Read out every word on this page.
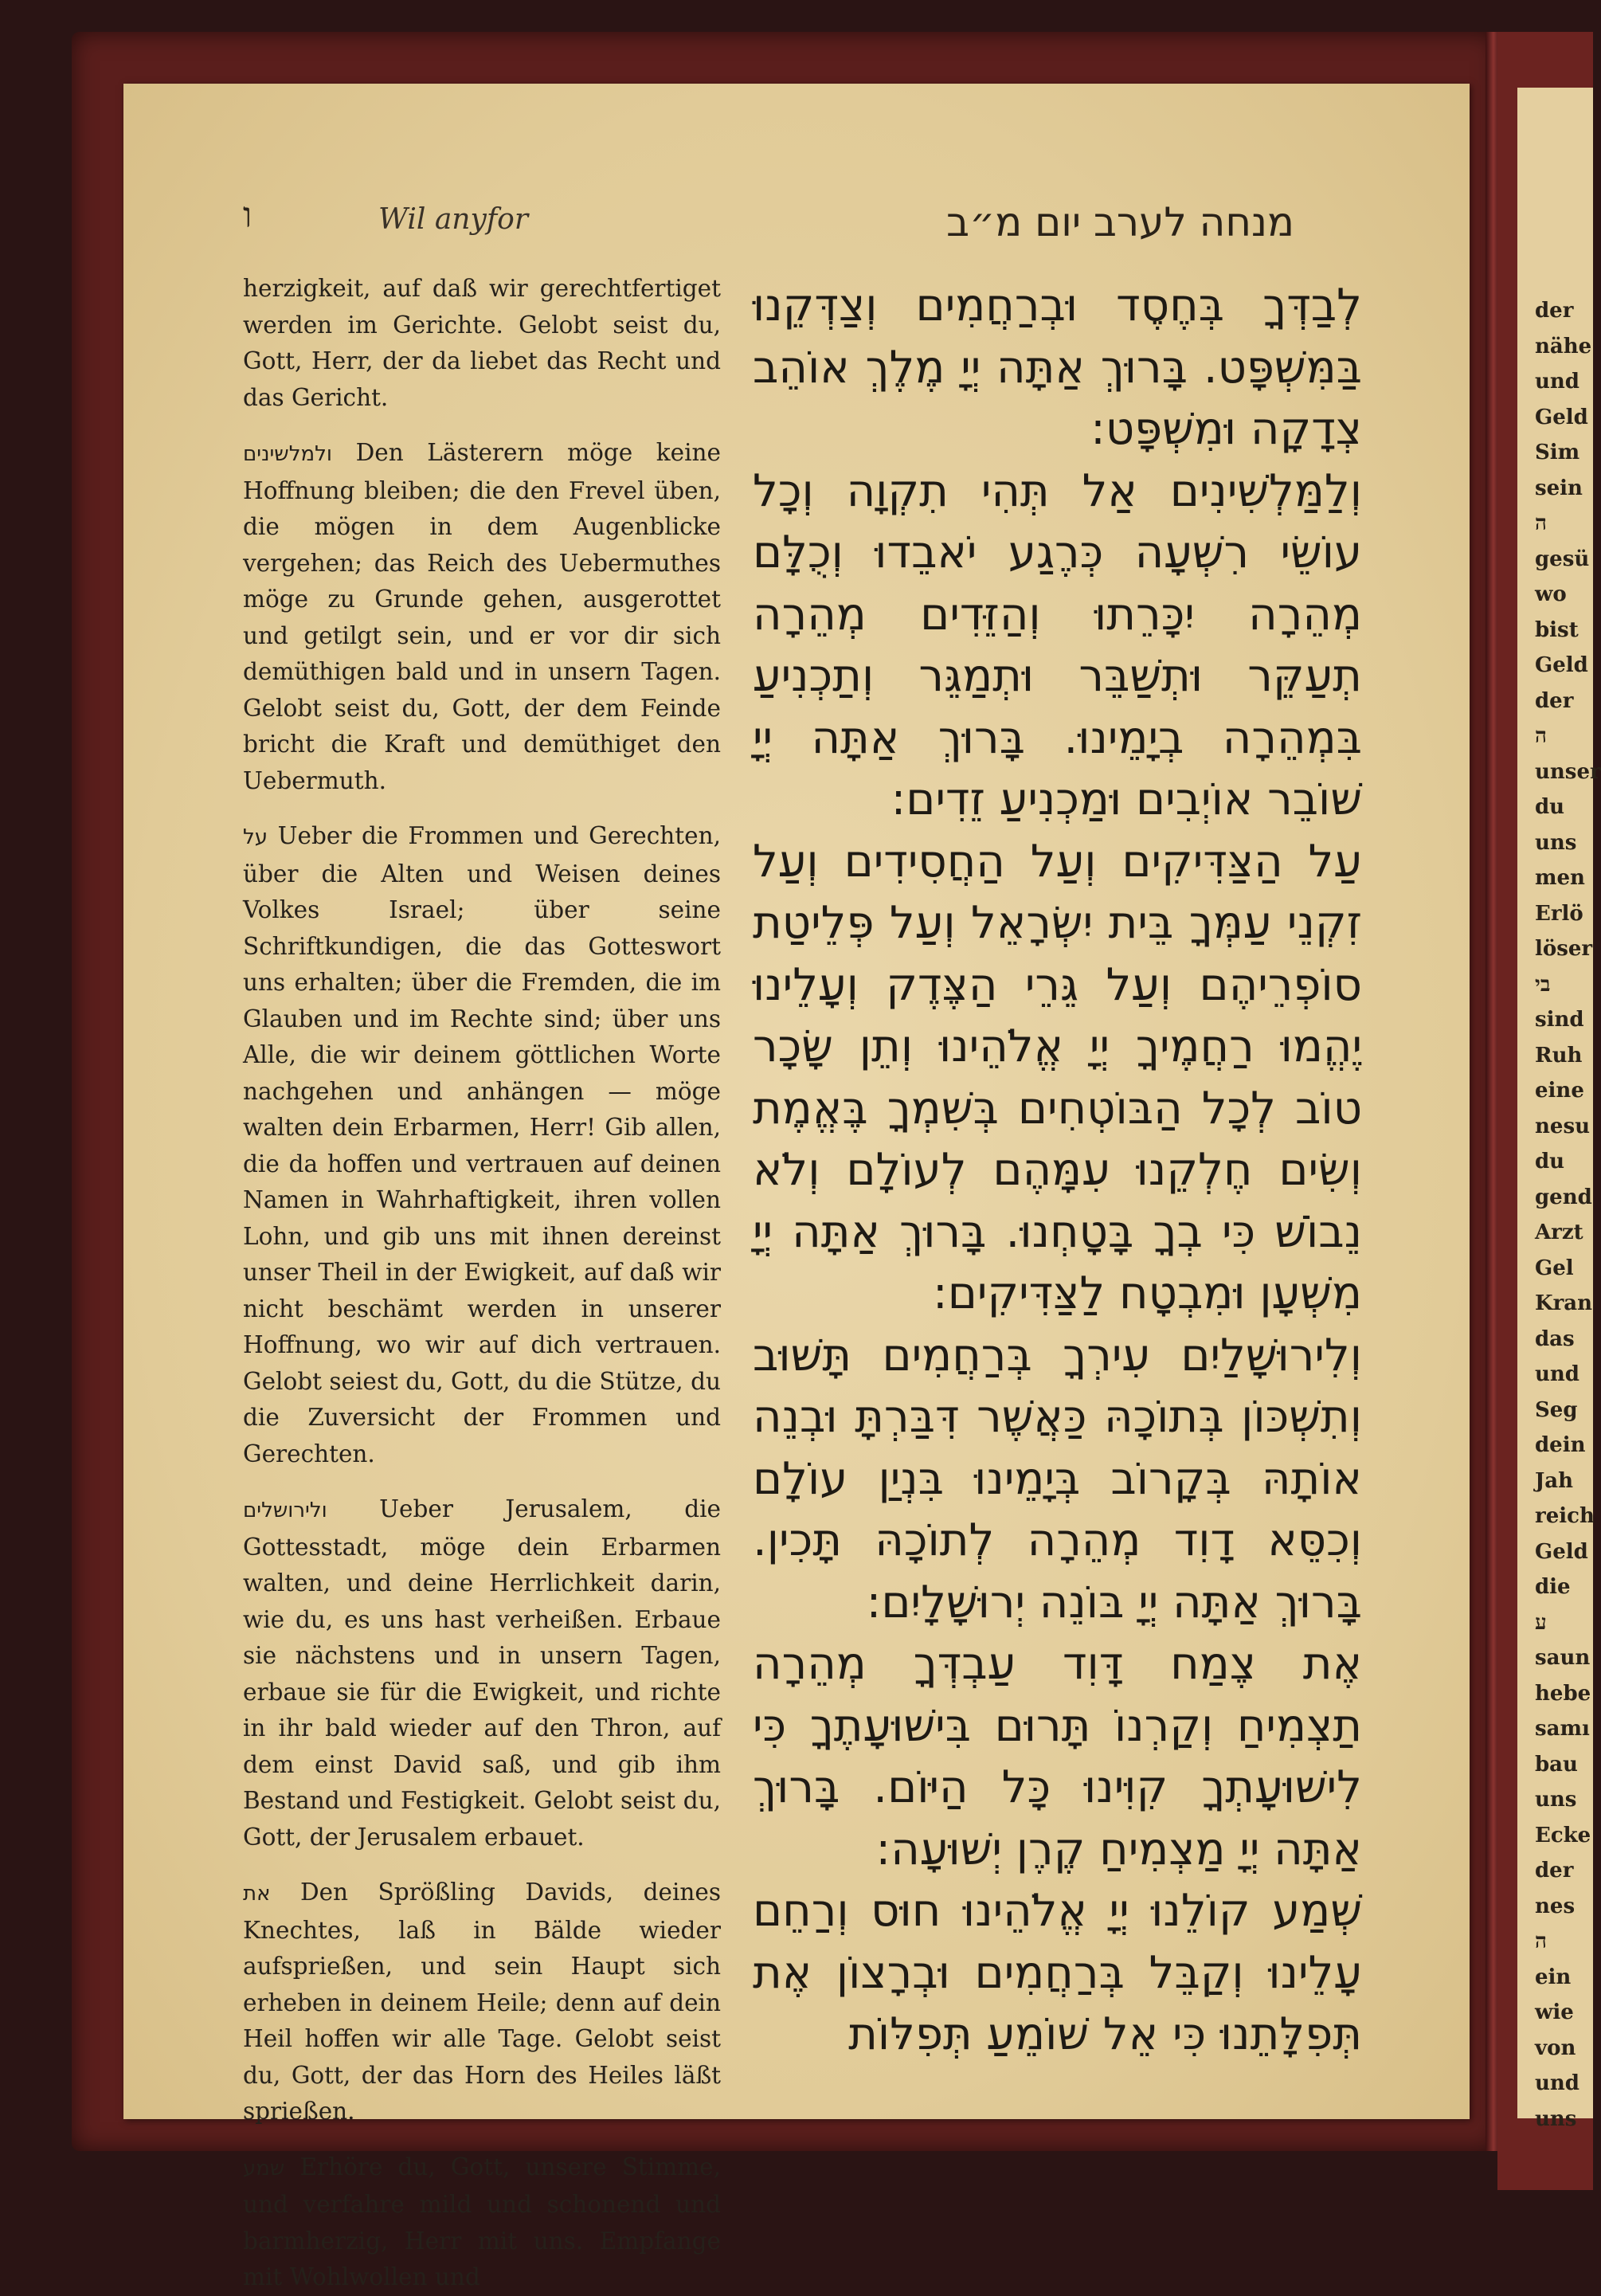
der
nähe
und
Geld
Sim
sein
ה
gesü
wo
bist
Geld
der
ה
unser
du
uns
men
Erlö
löser
בי
sind
Ruh
eine
nesu
du
gend
Arzt
Gel
Kran
das
und
Seg
dein
Jah
reich
Geld
die
ע
saun
hebe
samı
bau
uns
Ecke
der
nes
ה
ein
wie
von
und
uns
ו	Wil anyfor	מנחה לערב יום מ״ב

herzigkeit, auf daß wir gerechtfertiget werden im Gerichte. Gelobt seist du, Gott, Herr, der da liebet das Recht und das Gericht.

ולמלשינים Den Lästerern möge keine Hoffnung bleiben; die den Frevel üben, die mögen in dem Augenblicke vergehen; das Reich des Uebermuthes möge zu Grunde gehen, ausgerottet und getilgt sein, und er vor dir sich demüthigen bald und in unsern Tagen. Gelobt seist du, Gott, der dem Feinde bricht die Kraft und demüthiget den Uebermuth.

על Ueber die Frommen und Gerechten, über die Alten und Weisen deines Volkes Israel; über seine Schriftkundigen, die das Gotteswort uns erhalten; über die Fremden, die im Glauben und im Rechte sind; über uns Alle, die wir deinem göttlichen Worte nachgehen und anhängen — möge walten dein Erbarmen, Herr! Gib allen, die da hoffen und vertrauen auf deinen Namen in Wahrhaftigkeit, ihren vollen Lohn, und gib uns mit ihnen dereinst unser Theil in der Ewigkeit, auf daß wir nicht beschämt werden in unserer Hoffnung, wo wir auf dich vertrauen. Gelobt seiest du, Gott, du die Stütze, du die Zuversicht der Frommen und Gerechten.

ולירושלים Ueber Jerusalem, die Gottesstadt, möge dein Erbarmen walten, und deine Herrlichkeit darin, wie du, es uns hast verheißen. Erbaue sie nächstens und in unsern Tagen, erbaue sie für die Ewigkeit, und richte in ihr bald wieder auf den Thron, auf dem einst David saß, und gib ihm Bestand und Festigkeit. Gelobt seist du, Gott, der Jerusalem erbauet.

את Den Sprößling Davids, deines Knechtes, laß in Bälde wieder aufsprießen, und sein Haupt sich erheben in deinem Heile; denn auf dein Heil hoffen wir alle Tage. Gelobt seist du, Gott, der das Horn des Heiles läßt sprießen.

שמע Erhöre du, Gott, unsere Stimme, und verfahre mild und schonend und barmherzig, Herr mit uns. Empfange mit Wohlwollen und

לְבַדְּךָ בְּחֶסֶד וּבְרַחֲמִים וְצַדְּקֵנוּ בַּמִּשְׁפָּט. בָּרוּךְ אַתָּה יְיָ מֶלֶךְ אוֹהֵב צְדָקָה וּמִשְׁפָּט:

וְלַמַּלְשִׁינִים אַל תְּהִי תִקְוָה וְכָל עוֹשֵׂי רִשְׁעָה כְּרֶגַע יֹאבֵדוּ וְכֻלָּם מְהֵרָה יִכָּרֵתוּ וְהַזֵּדִים מְהֵרָה תְעַקֵּר וּתְשַׁבֵּר וּתְמַגֵּר וְתַכְנִיעַ בִּמְהֵרָה בְיָמֵינוּ. בָּרוּךְ אַתָּה יְיָ שׁוֹבֵר אוֹיְבִים וּמַכְנִיעַ זֵדִים:

עַל הַצַּדִּיקִים וְעַל הַחֲסִידִים וְעַל זִקְנֵי עַמְּךָ בֵּית יִשְׂרָאֵל וְעַל פְּלֵיטַת סוֹפְרֵיהֶם וְעַל גֵּרֵי הַצֶּדֶק וְעָלֵינוּ יֶהֱמוּ רַחֲמֶיךָ יְיָ אֱלֹהֵינוּ וְתֵן שָׂכָר טוֹב לְכָל הַבּוֹטְחִים בְּשִׁמְךָ בֶּאֱמֶת וְשִׂים חֶלְקֵנוּ עִמָּהֶם לְעוֹלָם וְלֹא נֵבוֹשׁ כִּי בְךָ בָּטָחְנוּ. בָּרוּךְ אַתָּה יְיָ מִשְׁעָן וּמִבְטָח לַצַּדִּיקִים:

וְלִירוּשָׁלַיִם עִירְךָ בְּרַחֲמִים תָּשׁוּב וְתִשְׁכּוֹן בְּתוֹכָהּ כַּאֲשֶׁר דִּבַּרְתָּ וּבְנֵה אוֹתָהּ בְּקָרוֹב בְּיָמֵינוּ בִּנְיַן עוֹלָם וְכִסֵּא דָוִד מְהֵרָה לְתוֹכָהּ תָּכִין. בָּרוּךְ אַתָּה יְיָ בּוֹנֵה יְרוּשָׁלָיִם:

אֶת צֶמַח דָּוִד עַבְדְּךָ מְהֵרָה תַצְמִיחַ וְקַרְנוֹ תָּרוּם בִּישׁוּעָתֶךָ כִּי לִישׁוּעָתְךָ קִוִּינוּ כָּל הַיּוֹם. בָּרוּךְ אַתָּה יְיָ מַצְמִיחַ קֶרֶן יְשׁוּעָה:

שְׁמַע קוֹלֵנוּ יְיָ אֱלֹהֵינוּ חוּס וְרַחֵם עָלֵינוּ וְקַבֵּל בְּרַחֲמִים וּבְרָצוֹן אֶת תְּפִלָּתֵנוּ כִּי אֵל שׁוֹמֵעַ תְּפִלּוֹת
